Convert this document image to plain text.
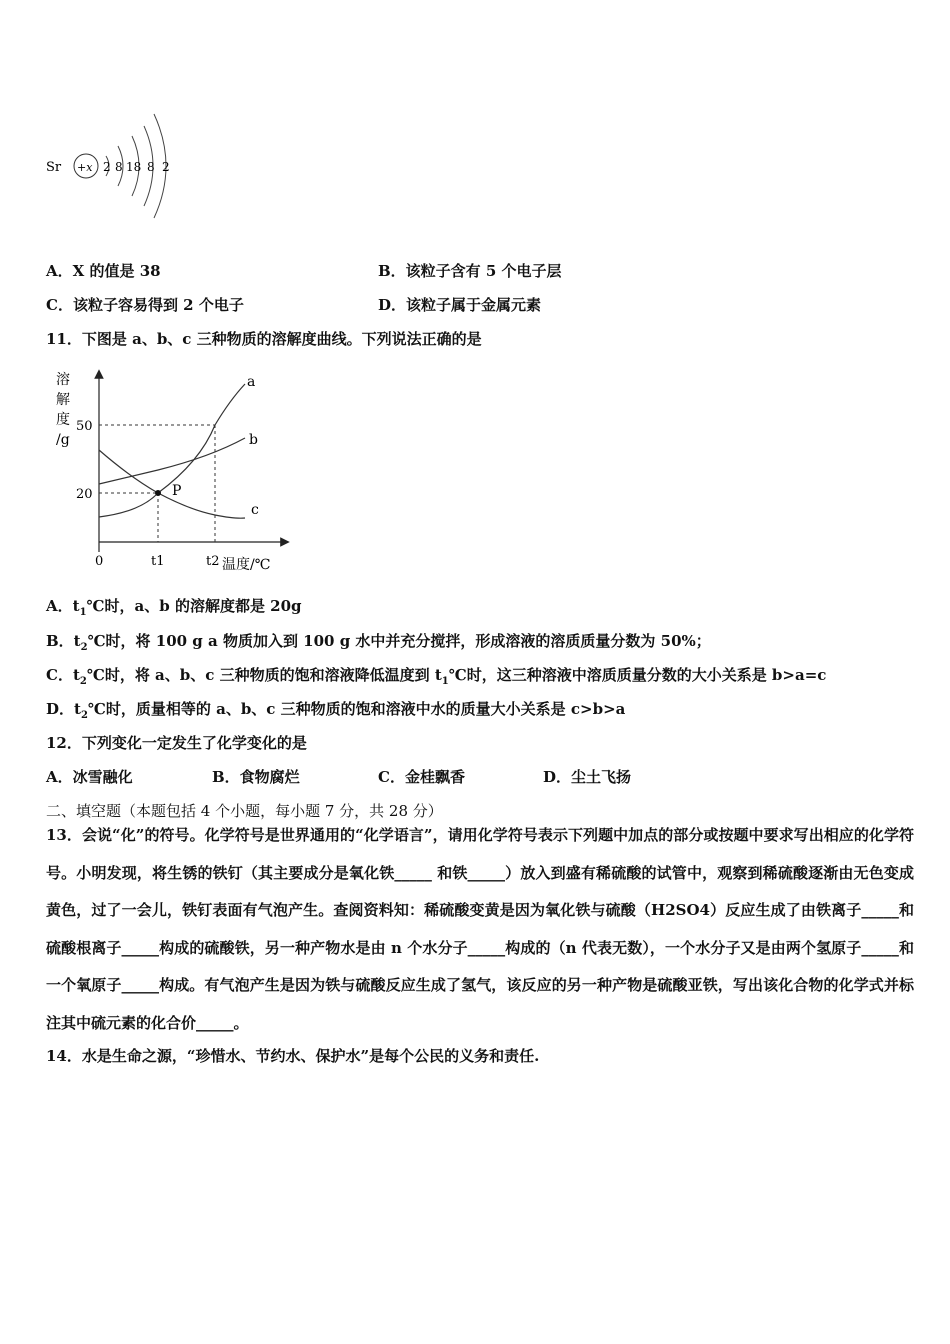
Sr +x 2 8 18 8 2
A．X 的值是 38	B．该粒子含有 5 个电子层
C．该粒子容易得到 2 个电子	D．该粒子属于金属元素
11．下图是 a、b、c 三种物质的溶解度曲线。下列说法正确的是
溶
解
度
/g
50
20	P
a
b
c
0	t1	t2 温度/℃
A．$t_1℃$时，a、b 的溶解度都是 20g
B．$t_2℃$时，将 100 g a 物质加入到 100 g 水中并充分搅拌，形成溶液的溶质质量分数为 50%；
C．$t_2℃$时，将 a、b、c 三种物质的饱和溶液降低温度到 $t_1℃$时，这三种溶液中溶质质量分数的大小关系是 b>a=c
D．$t_2℃$时，质量相等的 a、b、c 三种物质的饱和溶液中水的质量大小关系是 c>b>a
12．下列变化一定发生了化学变化的是
A．冰雪融化	B．食物腐烂	C．金桂飘香	D．尘土飞扬
二、填空题（本题包括 4 个小题，每小题 7 分，共 28 分）
13．会说“化”的符号。化学符号是世界通用的“化学语言”，请用化学符号表示下列题中加点的部分或按题中要求写出相应的化学符号。小明发现，将生锈的铁钉（其主要成分是氧化铁_____ 和铁_____）放入到盛有稀硫酸的试管中，观察到稀硫酸逐渐由无色变成黄色，过了一会儿，铁钉表面有气泡产生。查阅资料知：稀硫酸变黄是因为氧化铁与硫酸（H2SO4）反应生成了由铁离子_____和硫酸根离子_____构成的硫酸铁，另一种产物水是由 n 个水分子_____构成的（n 代表无数），一个水分子又是由两个氢原子_____和一个氧原子_____构成。有气泡产生是因为铁与硫酸反应生成了氢气，该反应的另一种产物是硫酸亚铁，写出该化合物的化学式并标注其中硫元素的化合价_____。
14．水是生命之源，“珍惜水、节约水、保护水”是每个公民的义务和责任.
